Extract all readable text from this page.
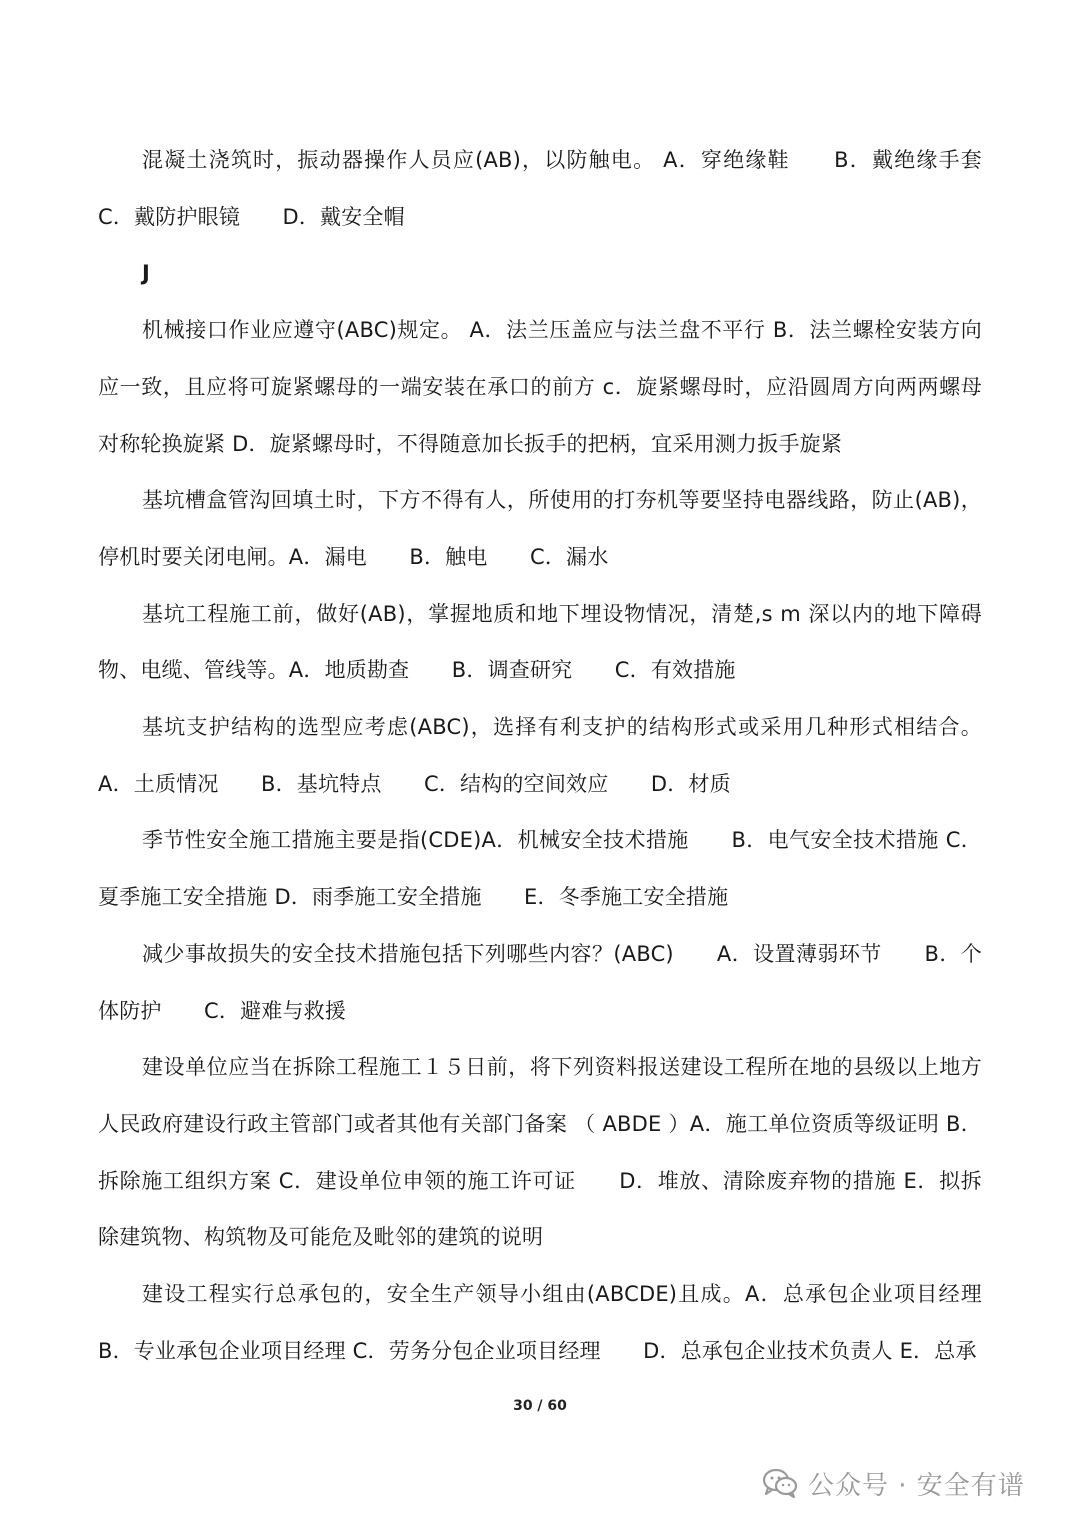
混凝土浇筑时，振动器操作人员应(AB)，以防触电。 A．穿绝缘鞋　　B．戴绝缘手套 C．戴防护眼镜　　D．戴安全帽

J

机械接口作业应遵守(ABC)规定。 A．法兰压盖应与法兰盘不平行 B．法兰螺栓安装方向应一致，且应将可旋紧螺母的一端安装在承口的前方 c．旋紧螺母时，应沿圆周方向两两螺母对称轮换旋紧 D．旋紧螺母时，不得随意加长扳手的把柄，宜采用测力扳手旋紧

基坑槽盒管沟回填土时，下方不得有人，所使用的打夯机等要坚持电器线路，防止(AB)，停机时要关闭电闸。A．漏电　　B．触电　　C．漏水

基坑工程施工前，做好(AB)，掌握地质和地下埋设物情况，清楚,s m 深以内的地下障碍物、电缆、管线等。A．地质勘查　　B．调查研究　　C．有效措施

基坑支护结构的选型应考虑(ABC)，选择有利支护的结构形式或采用几种形式相结合。 A．土质情况　　B．基坑特点　　C．结构的空间效应　　D．材质

季节性安全施工措施主要是指(CDE)A．机械安全技术措施　　B．电气安全技术措施 C．夏季施工安全措施 D．雨季施工安全措施　　E．冬季施工安全措施

减少事故损失的安全技术措施包括下列哪些内容？(ABC)　　A．设置薄弱环节　　B．个体防护　　C．避难与救援

建设单位应当在拆除工程施工１５日前，将下列资料报送建设工程所在地的县级以上地方人民政府建设行政主管部门或者其他有关部门备案 （ ABDE ）A．施工单位资质等级证明 B．拆除施工组织方案 C．建设单位申领的施工许可证　　D．堆放、清除废弃物的措施 E．拟拆除建筑物、构筑物及可能危及毗邻的建筑的说明

建设工程实行总承包的，安全生产领导小组由(ABCDE)且成。A．总承包企业项目经理 B．专业承包企业项目经理 C．劳务分包企业项目经理　　D．总承包企业技术负责人 E．总承

30 / 60
公众号 · 安全有谱
